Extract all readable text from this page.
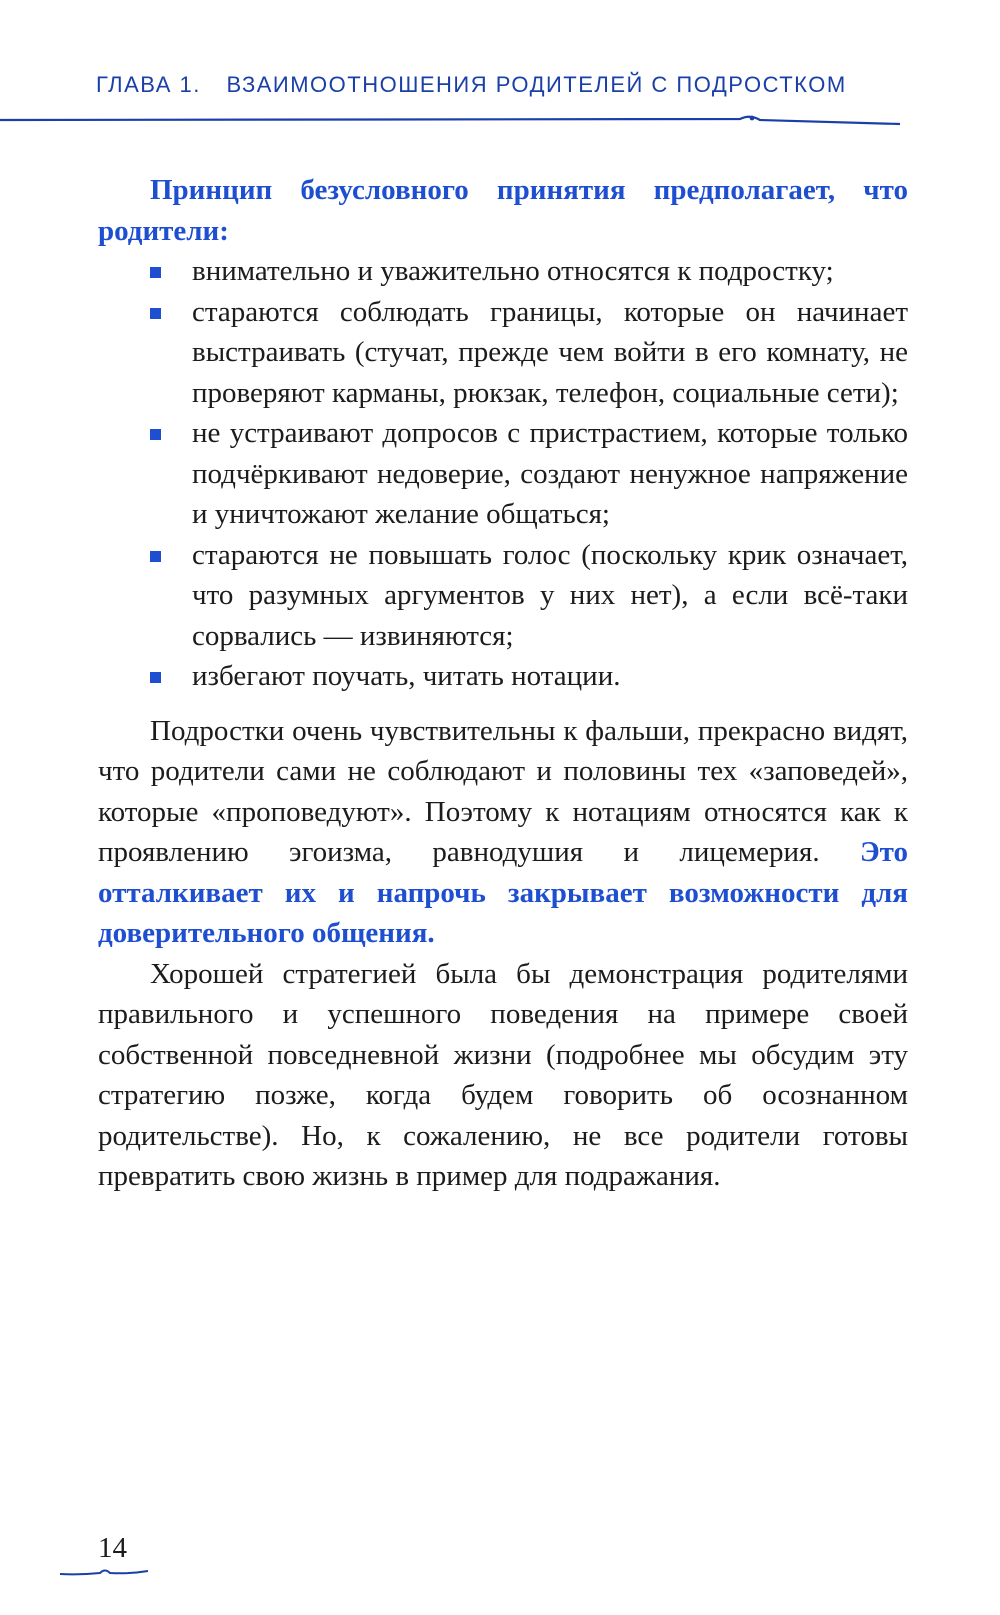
ГЛАВА 1. ВЗАИМООТНОШЕНИЯ РОДИТЕЛЕЙ С ПОДРОСТКОМ

Принцип безусловного принятия предполагает, что родители:

внимательно и уважительно относятся к подростку;
стараются соблюдать границы, которые он начинает выстраивать (стучат, прежде чем войти в его комнату, не проверяют карманы, рюкзак, телефон, социальные сети);
не устраивают допросов с пристрастием, которые только подчёркивают недоверие, создают ненужное напряжение и уничтожают желание общаться;
стараются не повышать голос (поскольку крик означает, что разумных аргументов у них нет), а если всё-таки сорвались — извиняются;
избегают поучать, читать нотации.

Подростки очень чувствительны к фальши, прекрасно видят, что родители сами не соблюдают и половины тех «заповедей», которые «проповедуют». Поэтому к нотациям относятся как к проявлению эгоизма, равнодушия и лицемерия. Это отталкивает их и напрочь закрывает возможности для доверительного общения.

Хорошей стратегией была бы демонстрация родителями правильного и успешного поведения на примере своей собственной повседневной жизни (подробнее мы обсудим эту стратегию позже, когда будем говорить об осознанном родительстве). Но, к сожалению, не все родители готовы превратить свою жизнь в пример для подражания.

14
